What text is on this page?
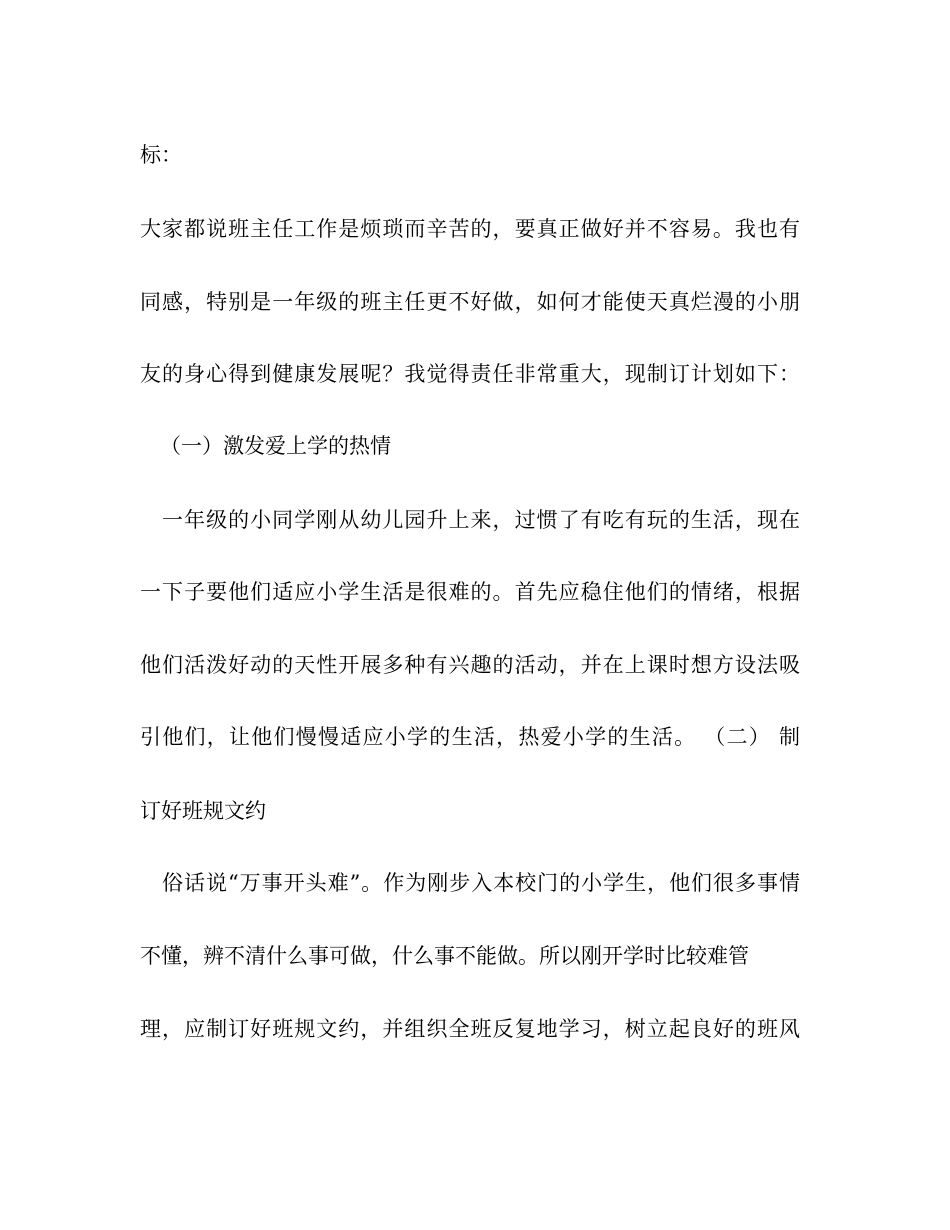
标：
大家都说班主任工作是烦琐而辛苦的，要真正做好并不容易。我也有
同感，特别是一年级的班主任更不好做，如何才能使天真烂漫的小朋
友的身心得到健康发展呢？我觉得责任非常重大，现制订计划如下：
（一）激发爱上学的热情
一年级的小同学刚从幼儿园升上来，过惯了有吃有玩的生活，现在
一下子要他们适应小学生活是很难的。首先应稳住他们的情绪，根据
他们活泼好动的天性开展多种有兴趣的活动，并在上课时想方设法吸
引他们，让他们慢慢适应小学的生活，热爱小学的生活。 （二） 制
订好班规文约
俗话说“万事开头难”。作为刚步入本校门的小学生，他们很多事情
不懂，辨不清什么事可做，什么事不能做。所以刚开学时比较难管
理，应制订好班规文约，并组织全班反复地学习，树立起良好的班风
